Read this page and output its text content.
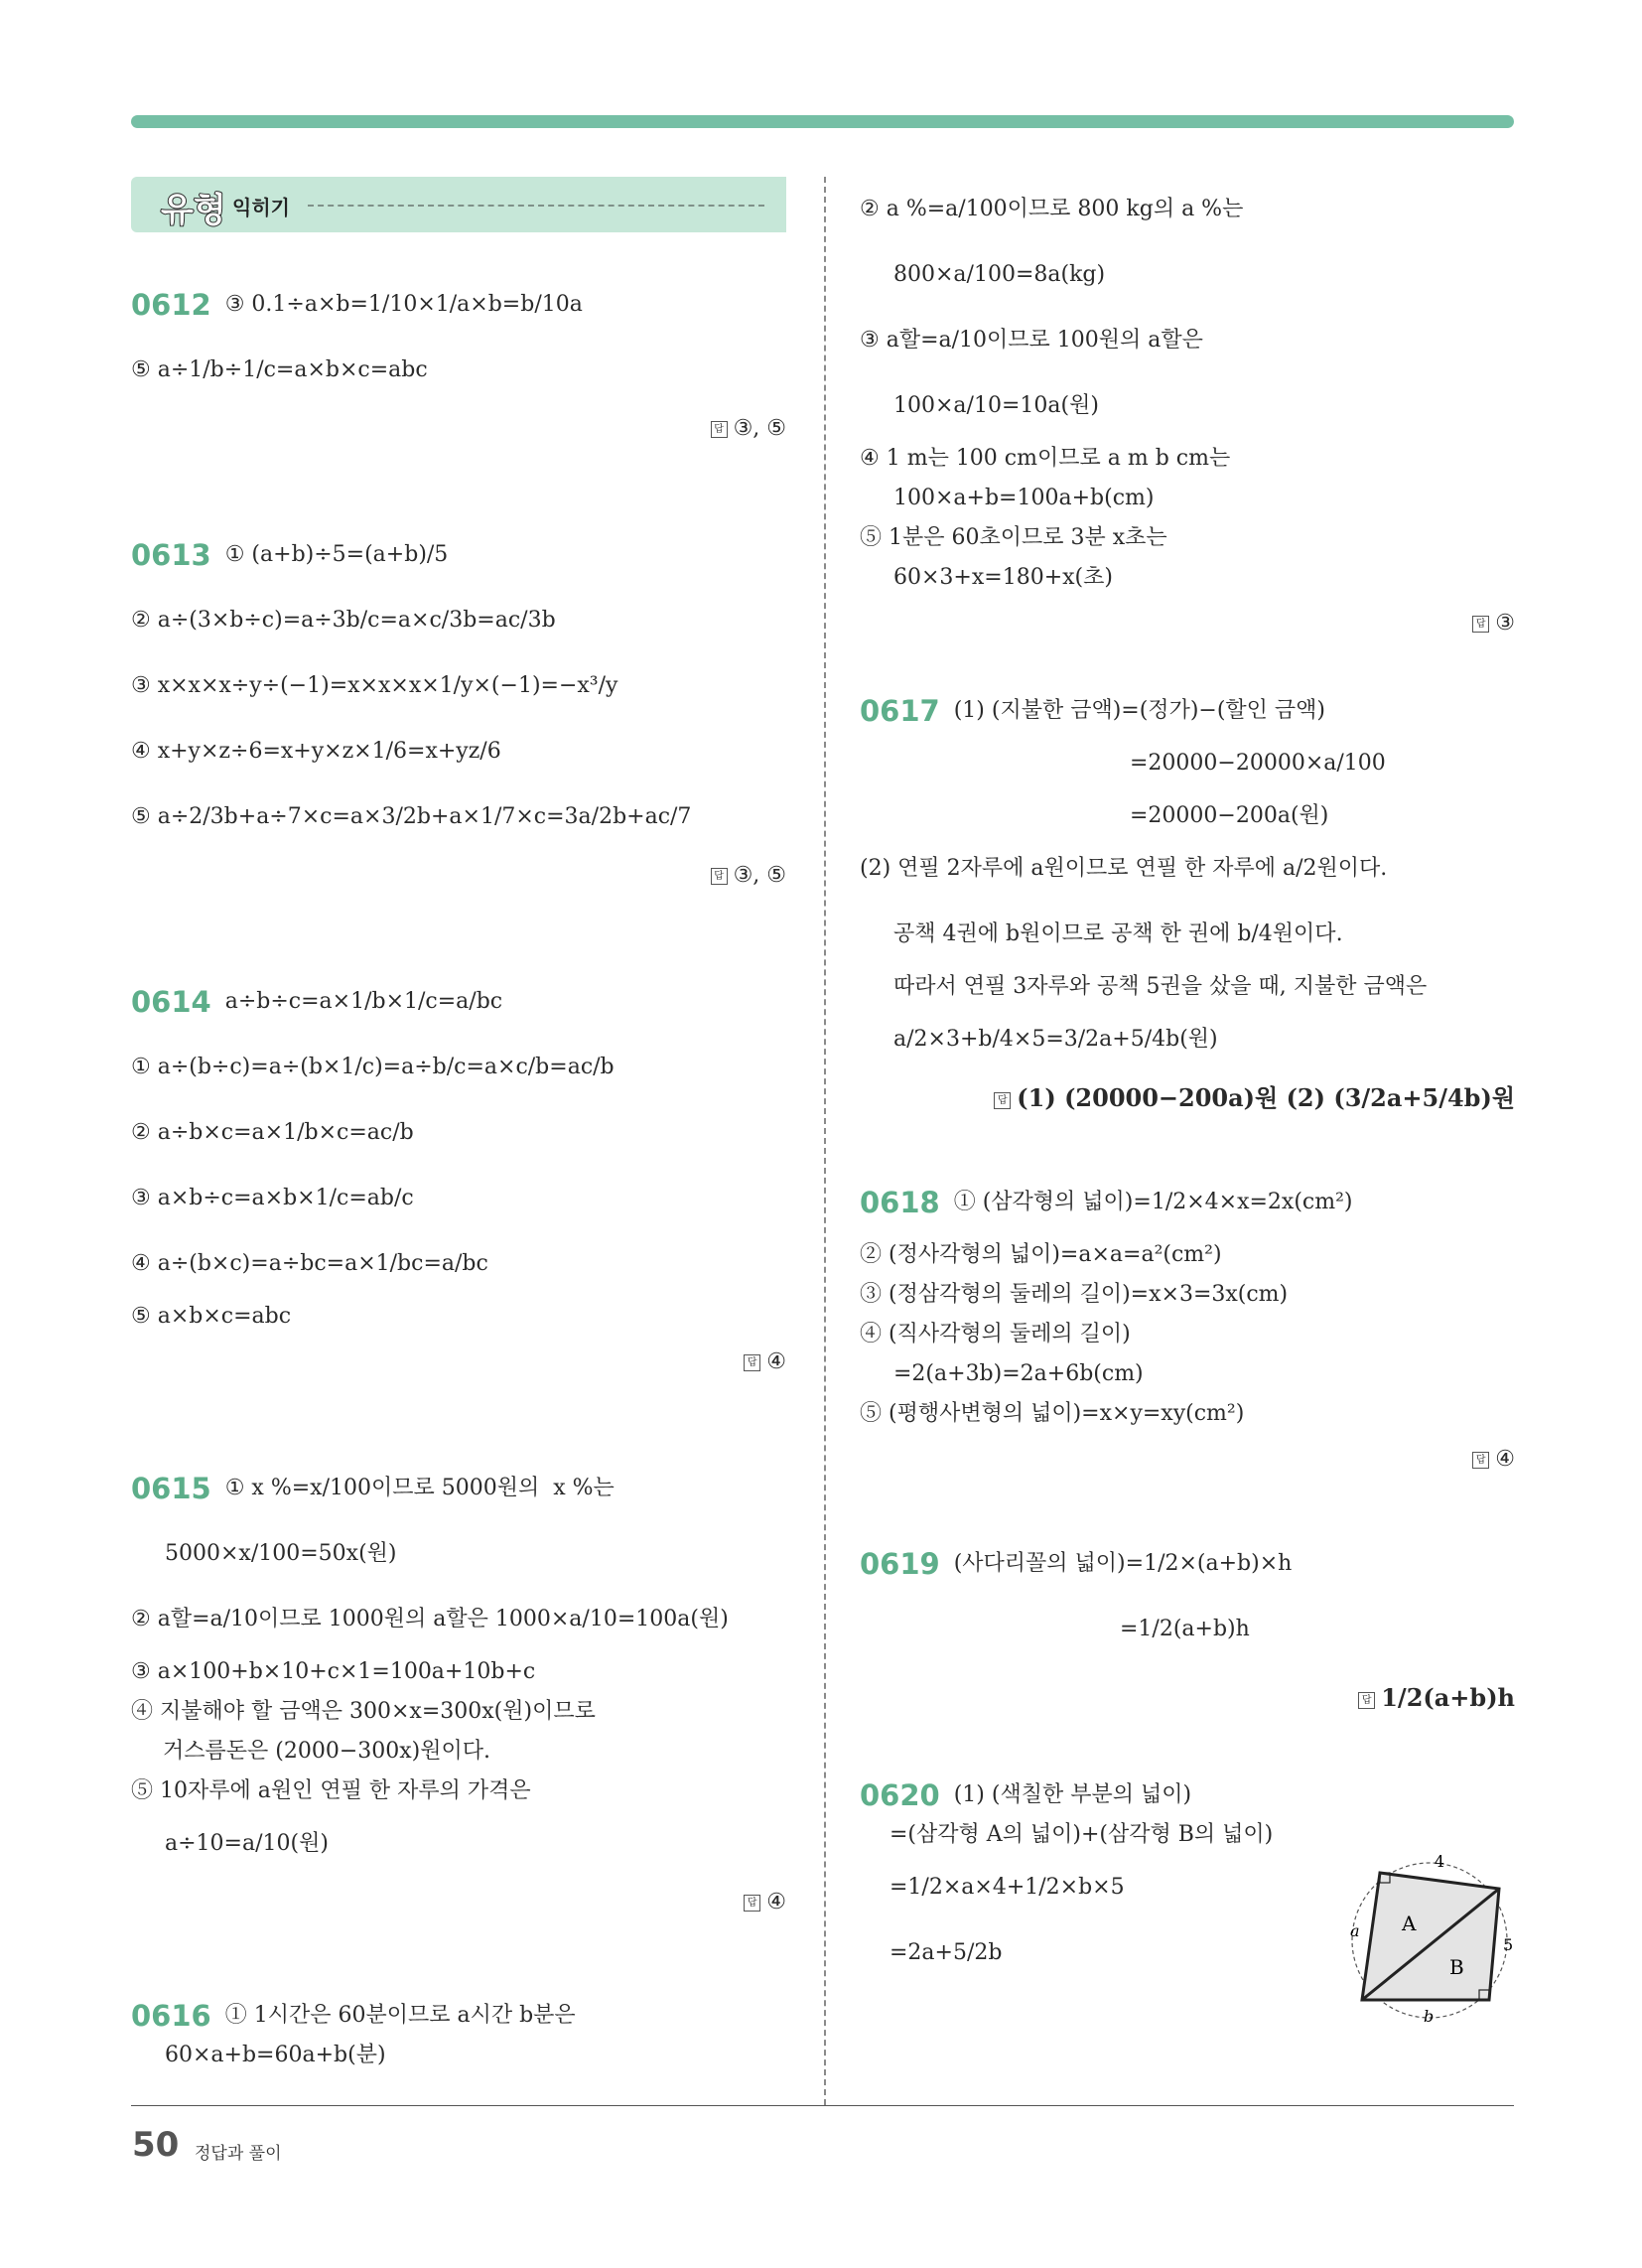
유형 익히기
0612 ③ 0.1÷a×b=1/10×1/a×b=b/10a
⑤ a÷1/b÷1/c=a×b×c=abc
답 ③, ⑤
0613 ① (a+b)÷5=(a+b)/5
② a÷(3×b÷c)=a÷3b/c=a×c/3b=ac/3b
③ x×x×x÷y÷(−1)=x×x×x×1/y×(−1)=−x³/y
④ x+y×z÷6=x+y×z×1/6=x+yz/6
⑤ a÷2/3b+a÷7×c=a×3/2b+a×1/7×c=3a/2b+ac/7
답 ③, ⑤
0614 a÷b÷c=a×1/b×1/c=a/bc
① a÷(b÷c)=a÷(b×1/c)=a÷b/c=a×c/b=ac/b
② a÷b×c=a×1/b×c=ac/b
③ a×b÷c=a×b×1/c=ab/c
④ a÷(b×c)=a÷bc=a×1/bc=a/bc
⑤ a×b×c=abc
답 ④
0615 ① x %=x/100이므로 5000원의  x %는
5000×x/100=50x(원)
② a할=a/10이므로 1000원의 a할은 1000×a/10=100a(원)
③ a×100+b×10+c×1=100a+10b+c
④ 지불해야 할 금액은 300×x=300x(원)이므로
거스름돈은 (2000−300x)원이다.
⑤ 10자루에 a원인 연필 한 자루의 가격은
a÷10=a/10(원)
답 ④
0616 ① 1시간은 60분이므로 a시간 b분은
60×a+b=60a+b(분)
② a %=a/100이므로 800 kg의 a %는
800×a/100=8a(kg)
③ a할=a/10이므로 100원의 a할은
100×a/10=10a(원)
④ 1 m는 100 cm이므로 a m b cm는
100×a+b=100a+b(cm)
⑤ 1분은 60초이므로 3분 x초는
60×3+x=180+x(초)
답 ③
0617 (1) (지불한 금액)=(정가)−(할인 금액)
=20000−20000×a/100
=20000−200a(원)
(2) 연필 2자루에 a원이므로 연필 한 자루에 a/2원이다.
공책 4권에 b원이므로 공책 한 권에 b/4원이다.
따라서 연필 3자루와 공책 5권을 샀을 때, 지불한 금액은
a/2×3+b/4×5=3/2a+5/4b(원)
답 (1) (20000−200a)원 (2) (3/2a+5/4b)원
0618 ① (삼각형의 넓이)=1/2×4×x=2x(cm²)
② (정사각형의 넓이)=a×a=a²(cm²)
③ (정삼각형의 둘레의 길이)=x×3=3x(cm)
④ (직사각형의 둘레의 길이)
=2(a+3b)=2a+6b(cm)
⑤ (평행사변형의 넓이)=x×y=xy(cm²)
답 ④
0619 (사다리꼴의 넓이)=1/2×(a+b)×h
=1/2(a+b)h
답 1/2(a+b)h
0620 (1) (색칠한 부분의 넓이)
=(삼각형 A의 넓이)+(삼각형 B의 넓이)
=1/2×a×4+1/2×b×5
=2a+5/2b
4
a A
B
5
b
50 정답과 풀이
